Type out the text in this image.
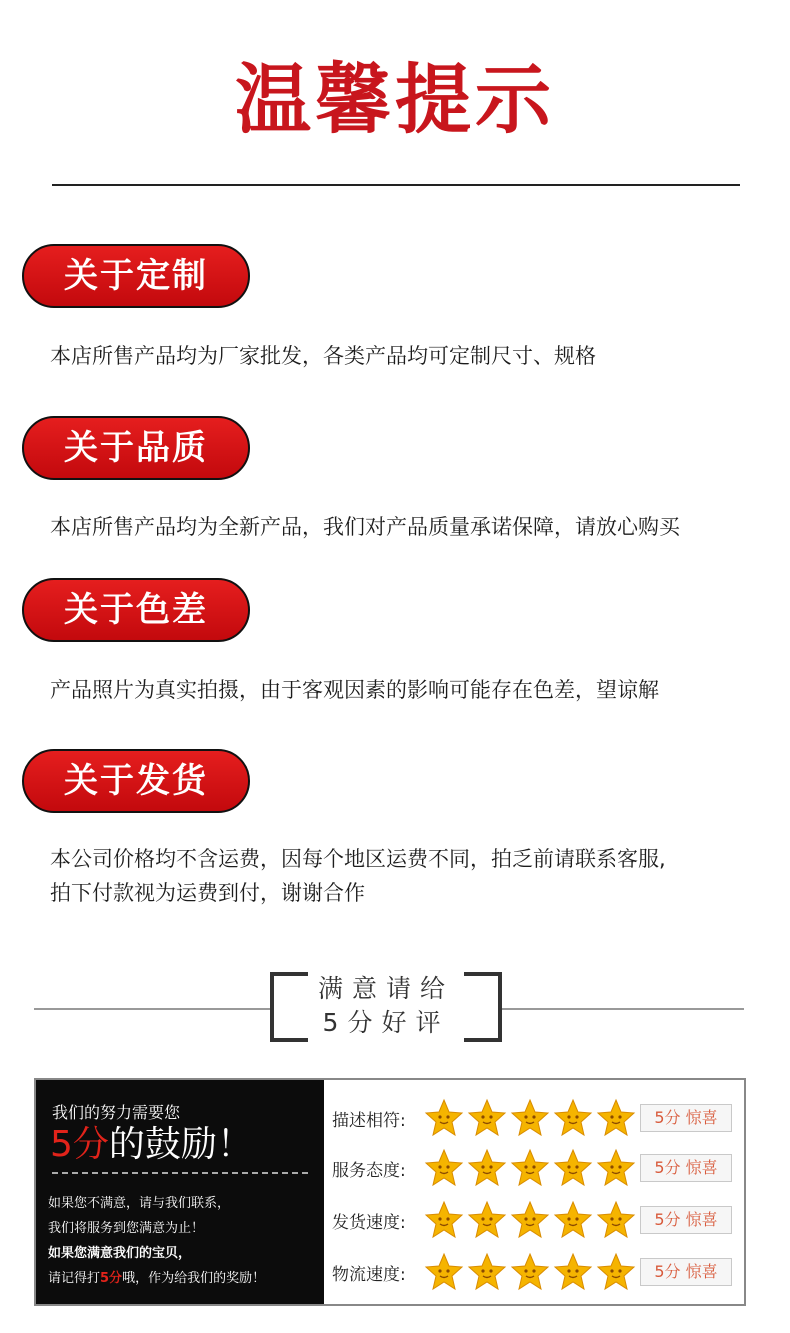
温馨提示
关于定制
本店所售产品均为厂家批发，各类产品均可定制尺寸、规格
关于品质
本店所售产品均为全新产品，我们对产品质量承诺保障，请放心购买
关于色差
产品照片为真实拍摄，由于客观因素的影响可能存在色差，望谅解
关于发货
本公司价格均不含运费，因每个地区运费不同，拍乏前请联系客服,
拍下付款视为运费到付，谢谢合作
满意请给
5分好评
我们的努力需要您
5分的鼓励！
如果您不满意，请与我们联系，
我们将服务到您满意为止！
如果您满意我们的宝贝，
请记得打5分哦，作为给我们的奖励！
描述相符:	5分 惊喜
服务态度:	5分 惊喜
发货速度:	5分 惊喜
物流速度:	5分 惊喜
